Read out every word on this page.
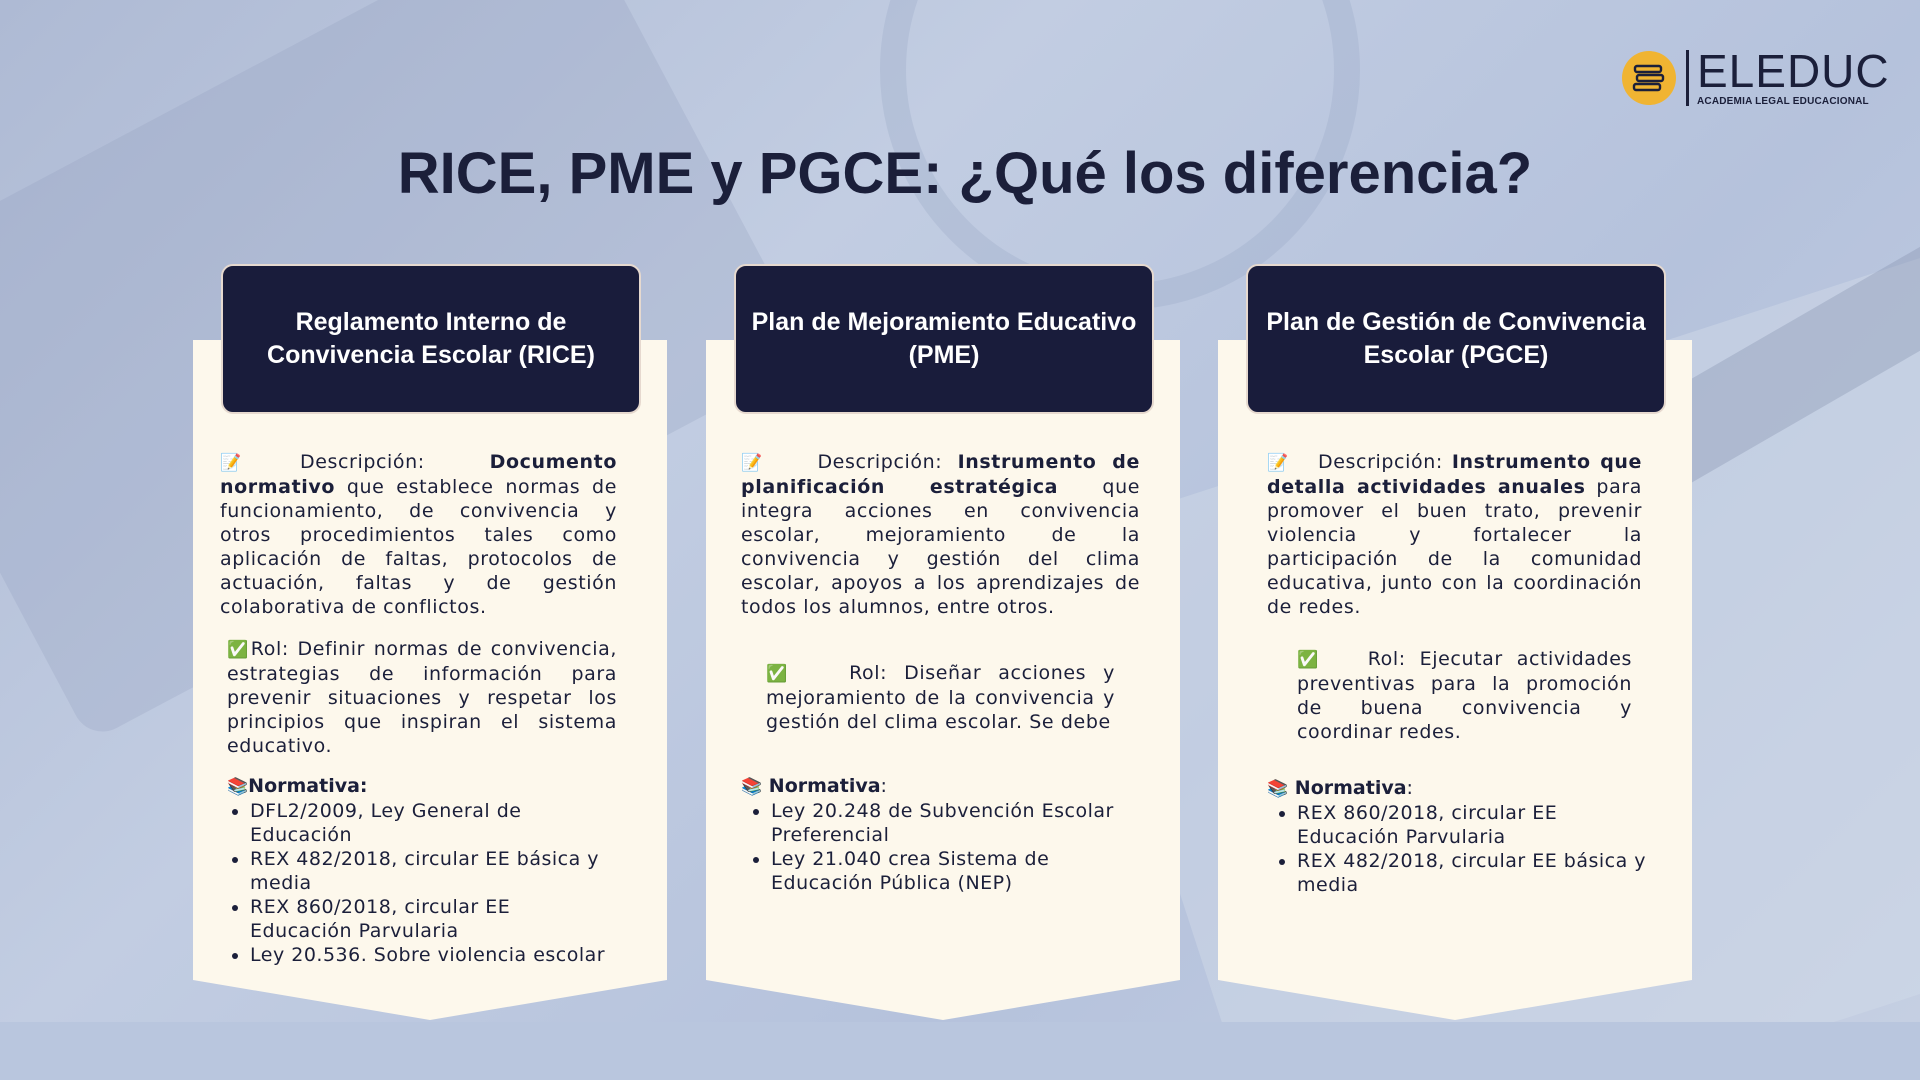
ELEDUC
ACADEMIA LEGAL EDUCACIONAL
RICE, PME y PGCE: ¿Qué los diferencia?
Reglamento Interno de Convivencia Escolar (RICE)

📝Descripción: Documento normativo que establece normas de funcionamiento, de convivencia y otros procedimientos tales como aplicación de faltas, protocolos de actuación, faltas y de gestión colaborativa de conflictos.

✅Rol: Definir normas de convivencia, estrategias de información para prevenir situaciones y respetar los principios que inspiran el sistema educativo.

📚Normativa:

DFL2/2009, Ley General de Educación
REX 482/2018, circular EE básica y media
REX 860/2018, circular EE Educación Parvularia
Ley 20.536. Sobre violencia escolar
Plan de Mejoramiento Educativo (PME)

📝 Descripción: Instrumento de planificación estratégica que integra acciones en convivencia escolar, mejoramiento de la convivencia y gestión del clima escolar, apoyos a los aprendizajes de todos los alumnos, entre otros.

✅	Rol: Diseñar acciones y mejoramiento de la convivencia y gestión del clima escolar. Se debe

📚 Normativa:

Ley 20.248 de Subvención Escolar Preferencial
Ley 21.040 crea Sistema de Educación Pública (NEP)
Plan de Gestión de Convivencia Escolar (PGCE)

📝 Descripción: Instrumento que detalla actividades anuales para promover el buen trato, prevenir violencia y fortalecer la participación de la comunidad educativa, junto con la coordinación de redes.

✅ Rol: Ejecutar actividades preventivas para la promoción de buena convivencia y coordinar redes.

📚 Normativa:

REX 860/2018, circular EE Educación Parvularia
REX 482/2018, circular EE básica y media
